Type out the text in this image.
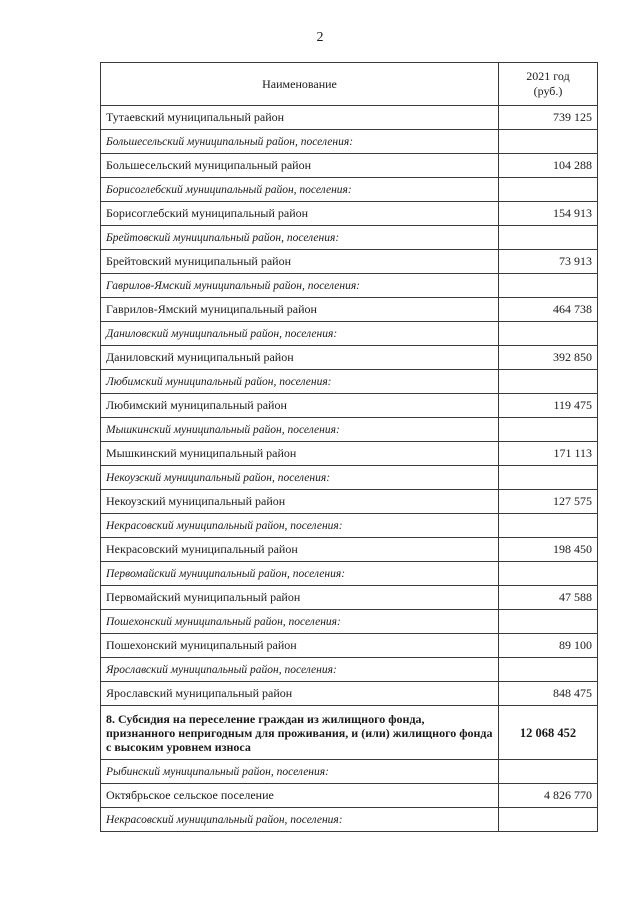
2
Наименование	2021 год
(руб.)
Тутаевский муниципальный район	739 125
Большесельский муниципальный район, поселения:	
Большесельский муниципальный район	104 288
Борисоглебский муниципальный район, поселения:	
Борисоглебский муниципальный район	154 913
Брейтовский муниципальный район, поселения:	
Брейтовский муниципальный район	73 913
Гаврилов-Ямский муниципальный район, поселения:	
Гаврилов-Ямский муниципальный район	464 738
Даниловский муниципальный район, поселения:	
Даниловский муниципальный район	392 850
Любимский муниципальный район, поселения:	
Любимский муниципальный район	119 475
Мышкинский муниципальный район, поселения:	
Мышкинский муниципальный район	171 113
Некоузский муниципальный район, поселения:	
Некоузский муниципальный район	127 575
Некрасовский муниципальный район, поселения:	
Некрасовский муниципальный район	198 450
Первомайский муниципальный район, поселения:	
Первомайский муниципальный район	47 588
Пошехонский муниципальный район, поселения:	
Пошехонский муниципальный район	89 100
Ярославский муниципальный район, поселения:	
Ярославский муниципальный район	848 475
8. Субсидия на переселение граждан из жилищного фонда, признанного непригодным для проживания, и (или) жилищного фонда с высоким уровнем износа	12 068 452
Рыбинский муниципальный район, поселения:	
Октябрьское сельское поселение	4 826 770
Некрасовский муниципальный район, поселения:	
